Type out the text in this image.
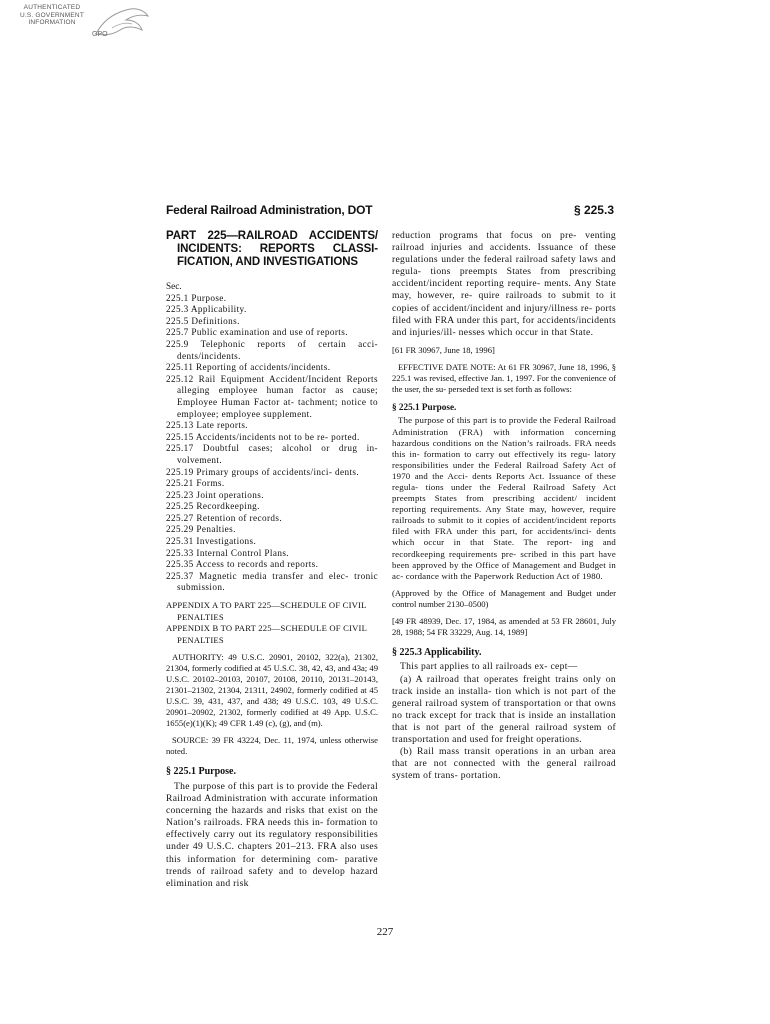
AUTHENTICATED
U.S. GOVERNMENT
INFORMATION
GPO
Federal Railroad Administration, DOT	§ 225.3
PART 225—RAILROAD ACCIDENTS/ INCIDENTS: REPORTS CLASSI- FICATION, AND INVESTIGATIONS
Sec.
225.1 Purpose.
225.3 Applicability.
225.5 Definitions.
225.7 Public examination and use of reports.
225.9 Telephonic reports of certain acci- dents/incidents.
225.11 Reporting of accidents/incidents.
225.12 Rail Equipment Accident/Incident Reports alleging employee human factor as cause; Employee Human Factor at- tachment; notice to employee; employee supplement.
225.13 Late reports.
225.15 Accidents/incidents not to be re- ported.
225.17 Doubtful cases; alcohol or drug in- volvement.
225.19 Primary groups of accidents/inci- dents.
225.21 Forms.
225.23 Joint operations.
225.25 Recordkeeping.
225.27 Retention of records.
225.29 Penalties.
225.31 Investigations.
225.33 Internal Control Plans.
225.35 Access to records and reports.
225.37 Magnetic media transfer and elec- tronic submission.
APPENDIX A TO PART 225—SCHEDULE OF CIVIL PENALTIES
APPENDIX B TO PART 225—SCHEDULE OF CIVIL PENALTIES

AUTHORITY: 49 U.S.C. 20901, 20102, 322(a), 21302, 21304, formerly codified at 45 U.S.C. 38, 42, 43, and 43a; 49 U.S.C. 20102–20103, 20107, 20108, 20110, 20131–20143, 21301–21302, 21304, 21311, 24902, formerly codified at 45 U.S.C. 39, 431, 437, and 438; 49 U.S.C. 103, 49 U.S.C. 20901–20902, 21302, formerly codified at 49 App. U.S.C. 1655(e)(1)(K); 49 CFR 1.49 (c), (g), and (m).

SOURCE: 39 FR 43224, Dec. 11, 1974, unless otherwise noted.

§ 225.1 Purpose.

The purpose of this part is to provide the Federal Railroad Administration with accurate information concerning the hazards and risks that exist on the Nation’s railroads. FRA needs this in- formation to effectively carry out its regulatory responsibilities under 49 U.S.C. chapters 201–213. FRA also uses this information for determining com- parative trends of railroad safety and to develop hazard elimination and risk

reduction programs that focus on pre- venting railroad injuries and accidents. Issuance of these regulations under the federal railroad safety laws and regula- tions preempts States from prescribing accident/incident reporting require- ments. Any State may, however, re- quire railroads to submit to it copies of accident/incident and injury/illness re- ports filed with FRA under this part, for accidents/incidents and injuries/ill- nesses which occur in that State.

[61 FR 30967, June 18, 1996]

EFFECTIVE DATE NOTE: At 61 FR 30967, June 18, 1996, § 225.1 was revised, effective Jan. 1, 1997. For the convenience of the user, the su- perseded text is set forth as follows:

§ 225.1 Purpose.

The purpose of this part is to provide the Federal Railroad Administration (FRA) with information concerning hazardous conditions on the Nation’s railroads. FRA needs this in- formation to carry out effectively its regu- latory responsibilities under the Federal Railroad Safety Act of 1970 and the Acci- dents Reports Act. Issuance of these regula- tions under the Federal Railroad Safety Act preempts States from prescribing accident/ incident reporting requirements. Any State may, however, require railroads to submit to it copies of accident/incident reports filed with FRA under this part, for accidents/inci- dents which occur in that State. The report- ing and recordkeeping requirements pre- scribed in this part have been approved by the Office of Management and Budget in ac- cordance with the Paperwork Reduction Act of 1980.

(Approved by the Office of Management and Budget under control number 2130–0500)

[49 FR 48939, Dec. 17, 1984, as amended at 53 FR 28601, July 28, 1988; 54 FR 33229, Aug. 14, 1989]

§ 225.3 Applicability.

This part applies to all railroads ex- cept—

(a) A railroad that operates freight trains only on track inside an installa- tion which is not part of the general railroad system of transportation or that owns no track except for track that is inside an installation that is not part of the general railroad system of transportation and used for freight operations.

(b) Rail mass transit operations in an urban area that are not connected with the general railroad system of trans- portation.

227
